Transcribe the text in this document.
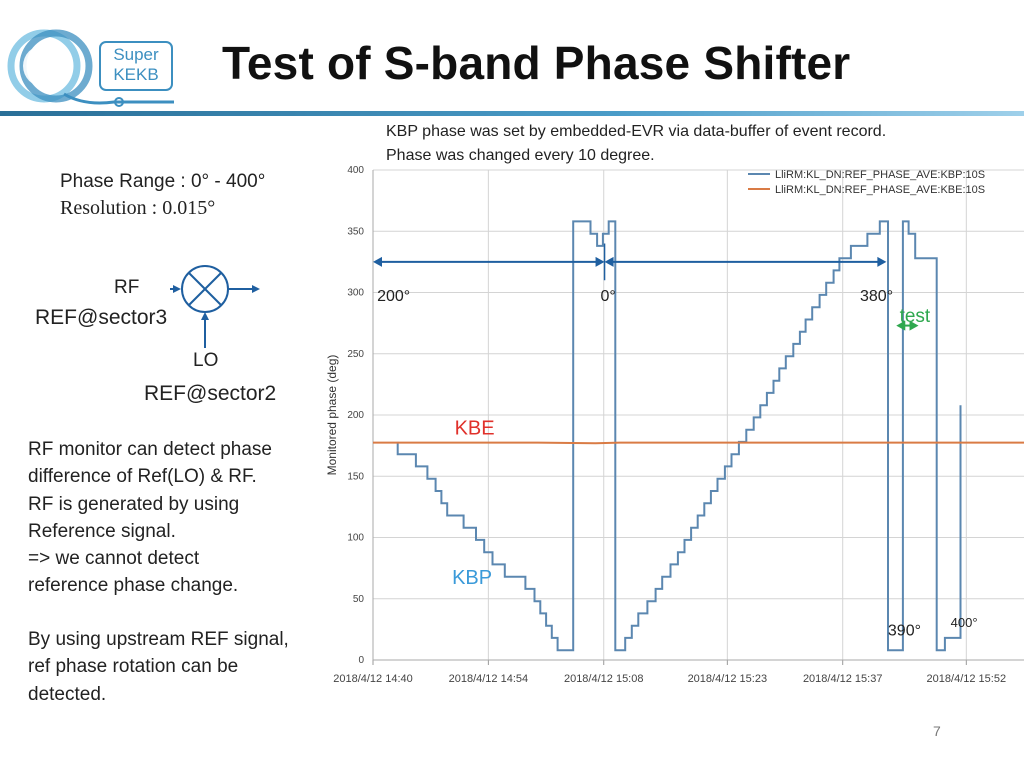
Super
KEKB Test of S-band Phase Shifter
Phase Range : 0° - 400°
Resolution : 0.015°
RF
REF@sector3
LO
REF@sector2
RF monitor can detect phase
difference of Ref(LO) & RF.
RF is generated by using
Reference signal.
=> we cannot detect
reference phase change.
By using upstream REF signal,
ref phase rotation can be
detected.
KBP phase was set by embedded-EVR via data-buffer of event record.
Phase was changed every 10 degree.
0
50
100
150
200
250
300
350
400
2018/4/12 14:40	2018/4/12 14:54	2018/4/12 15:08	2018/4/12 15:23	2018/4/12 15:37	2018/4/12 15:52
Monitored phase (deg)
200°	0°	380°
test
KBE
KBP
390°
400°
LliRM:KL_DN:REF_PHASE_AVE:KBP:10S
LliRM:KL_DN:REF_PHASE_AVE:KBE:10S
7
